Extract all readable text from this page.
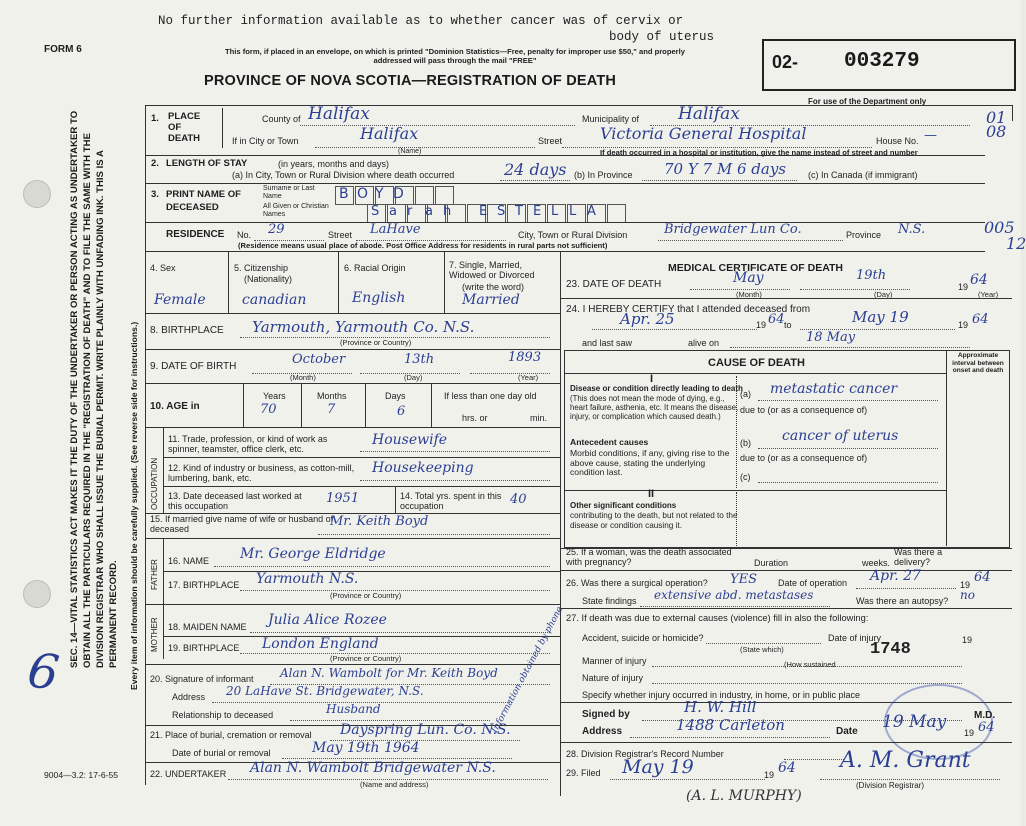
No further information available as to whether cancer was of cervix or
body of uterus
FORM 6	This form, if placed in an envelope, on which is printed "Dominion Statistics—Free, penalty for improper use $50," and properly addressed will pass through the mail "FREE"
PROVINCE OF NOVA SCOTIA—REGISTRATION OF DEATH
02- 003279
For use of the Department only
01
08
005
12
SEC. 14—VITAL STATISTICS ACT MAKES IT THE DUTY OF THE UNDERTAKER OR PERSON ACTING AS UNDERTAKER TO OBTAIN ALL THE PARTICULARS REQUIRED IN THE "REGISTRATION OF DEATH" AND TO FILE THE SAME WITH THE DIVISION REGISTRAR WHO SHALL ISSUE THE BURIAL PERMIT. WRITE PLAINLY WITH UNFADING INK. THIS IS A PERMANENT RECORD. Every item of information should be carefully supplied. (See reverse side for instructions.)
6
9004—3.2: 17-6-55
1. PLACE OF DEATH
County of Halifax	Municipality of Halifax
If in City or Town	Halifax
(Name)
Street Victoria General Hospital	House No. —
If death occurred in a hospital or institution, give the name instead of street and number
2. LENGTH OF STAY	(in years, months and days)
(a) In City, Town or Rural Division where death occurred	24 days (b) In Province 70 Y 7 M 6 days (c) In Canada (if immigrant)
3. PRINT NAME OF DECEASED
Surname or Last Name
All Given or Christian Names
B O Y D
S a r a h E S T E L L A
RESIDENCE No. 29	Street LaHave	City, Town or Rural Division	Bridgewater Lun Co.	Province N.S.
(Residence means usual place of abode. Post Office Address for residents in rural parts not sufficient)
4. Sex	5. Citizenship
(Nationality)
6. Racial Origin	7. Single, Married, Widowed or Divorced
(write the word)
Female	canadian	English	Married
8. BIRTHPLACE Yarmouth, Yarmouth Co. N.S.
(Province or Country)
9. DATE OF BIRTH	October
(Month)
13th
(Day)
1893
(Year)
10. AGE in
Years	Months	Days	If less than one day old
70	7	6	hrs. or	min.
OCCUPATION
11. Trade, profession, or kind of work as spinner, teamster, office clerk, etc.
Housewife
12. Kind of industry or business, as cotton-mill, lumbering, bank, etc.
Housekeeping
13. Date deceased last worked at this occupation	1951	14. Total yrs. spent in this occupation	40
15. If married give name of wife or husband of deceased	Mr. Keith Boyd
FATHER 16. NAME Mr. George Eldridge
17. BIRTHPLACE Yarmouth N.S.
(Province or Country)
MOTHER 18. MAIDEN NAME Julia Alice Rozee
19. BIRTHPLACE London England
(Province or Country)
20. Signature of informant Alan N. Wambolt for Mr. Keith Boyd
Address 20 LaHave St. Bridgewater, N.S.
Relationship to deceased	Husband	Information obtained by phone
21. Place of burial, cremation or removal Dayspring Lun. Co. N.S.
Date of burial or removal	May 19th 1964
22. UNDERTAKER Alan N. Wambolt Bridgewater N.S.
(Name and address)
MEDICAL CERTIFICATE OF DEATH
23. DATE OF DEATH	May
(Month)
19th
(Day)
19 64
(Year)
24. I HEREBY CERTIFY that I attended deceased from
Apr. 25	19 64 to	May 19	19 64
and last saw	alive on	18 May
CAUSE OF DEATH
Approximate interval between onset and death
I
Disease or condition directly leading to death
(This does not mean the mode of dying, e.g., heart failure, asthenia, etc. It means the disease, injury, or complication which caused death.)
(a) metastatic cancer
due to (or as a consequence of)
Antecedent causes
Morbid conditions, if any, giving rise to the above cause, stating the underlying condition last.
(b) cancer of uterus
due to (or as a consequence of)
(c)
II
Other significant conditions
contributing to the death, but not related to the disease or condition causing it.
25. If a woman, was the death associated with pregnancy?	Duration	weeks.
Was there a delivery?
26. Was there a surgical operation? YES Date of operation Apr. 27
19 64
State findings extensive abd. metastases	Was there an autopsy? no
27. If death was due to external causes (violence) fill in also the following:
Accident, suicide or homicide?	Date of injury	19
(State which)
Manner of injury
1748
(How sustained
Nature of injury
Specify whether injury occurred in industry, in home, or in public place
Signed by	H. W. Hill	M.D.
Address	1488 Carleton	Date 19 May
19 64
28. Division Registrar's Record Number
29. Filed May 19	19 64 A. M. Grant
(Division Registrar)
(A. L. MURPHY)
